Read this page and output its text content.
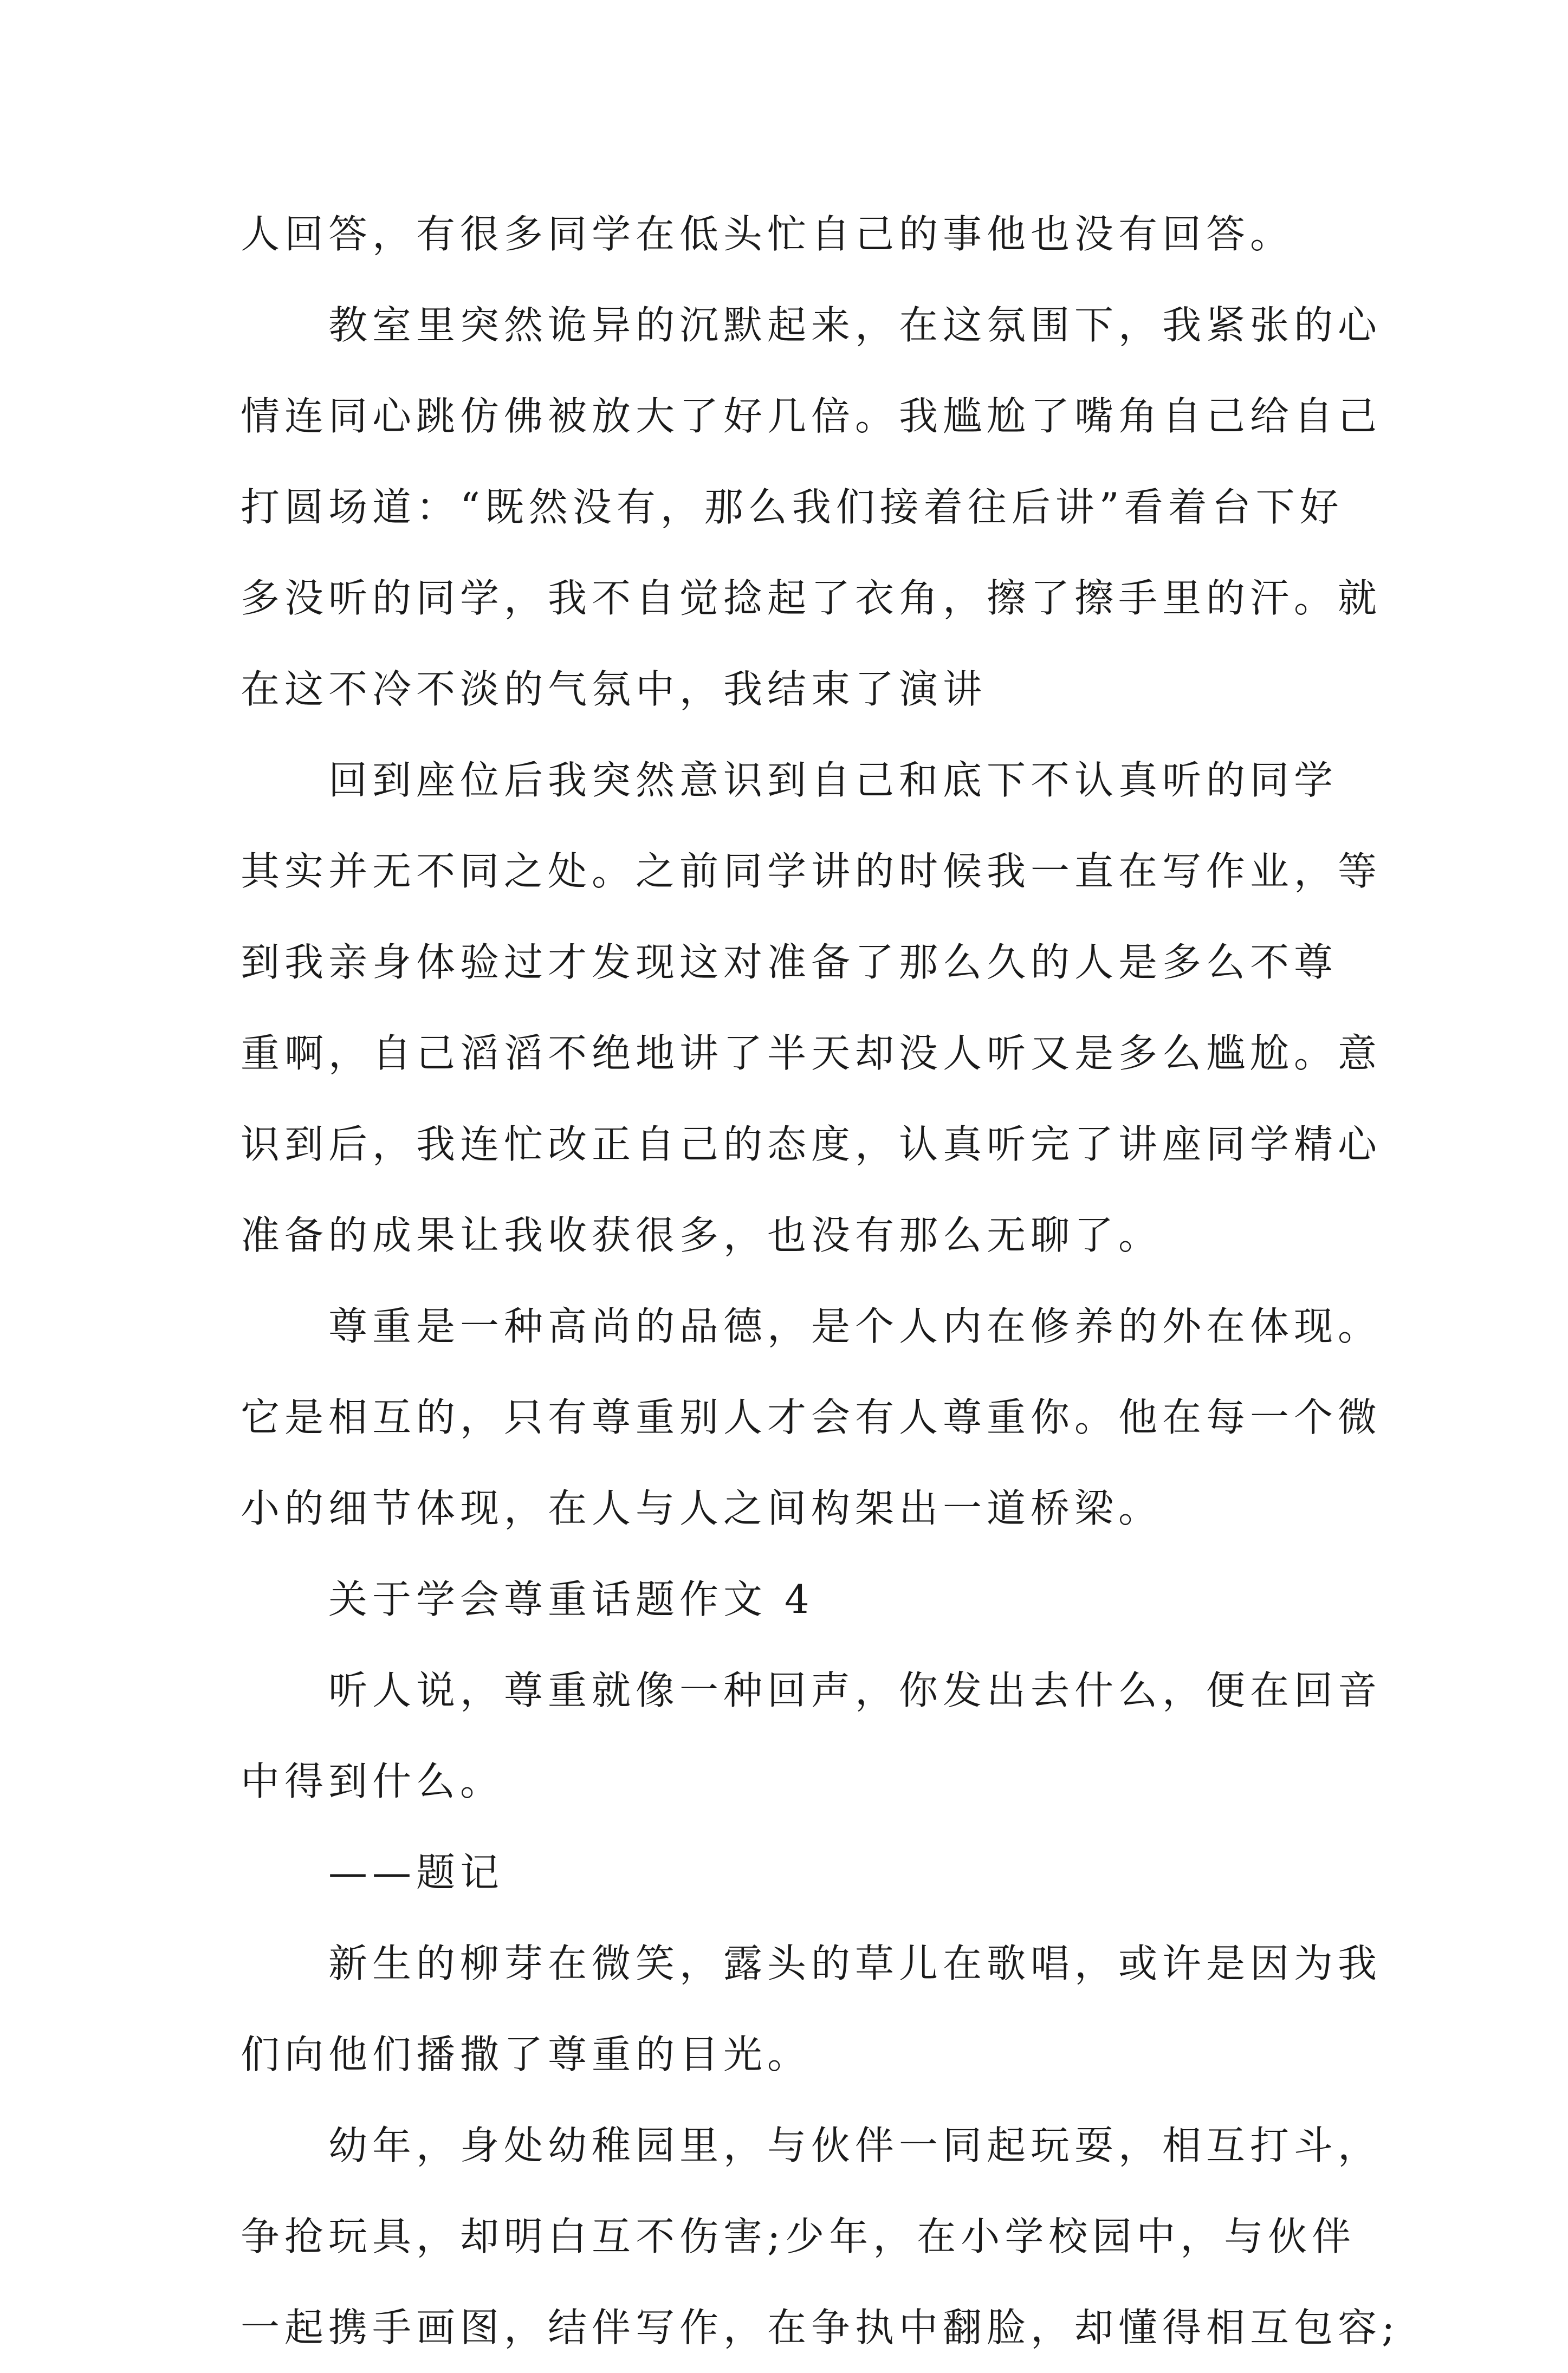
人回答，有很多同学在低头忙自己的事他也没有回答。
教室里突然诡异的沉默起来，在这氛围下，我紧张的心
情连同心跳仿佛被放大了好几倍。我尴尬了嘴角自己给自己
打圆场道：“既然没有，那么我们接着往后讲”看着台下好
多没听的同学，我不自觉捻起了衣角，擦了擦手里的汗。就
在这不冷不淡的气氛中，我结束了演讲
回到座位后我突然意识到自己和底下不认真听的同学
其实并无不同之处。之前同学讲的时候我一直在写作业，等
到我亲身体验过才发现这对准备了那么久的人是多么不尊
重啊，自己滔滔不绝地讲了半天却没人听又是多么尴尬。意
识到后，我连忙改正自己的态度，认真听完了讲座同学精心
准备的成果让我收获很多，也没有那么无聊了。
尊重是一种高尚的品德，是个人内在修养的外在体现。
它是相互的，只有尊重别人才会有人尊重你。他在每一个微
小的细节体现，在人与人之间构架出一道桥梁。
关于学会尊重话题作文 4
听人说，尊重就像一种回声，你发出去什么，便在回音
中得到什么。
——题记
新生的柳芽在微笑，露头的草儿在歌唱，或许是因为我
们向他们播撒了尊重的目光。
幼年，身处幼稚园里，与伙伴一同起玩耍，相互打斗，
争抢玩具，却明白互不伤害;少年，在小学校园中，与伙伴
一起携手画图，结伴写作，在争执中翻脸，却懂得相互包容;
